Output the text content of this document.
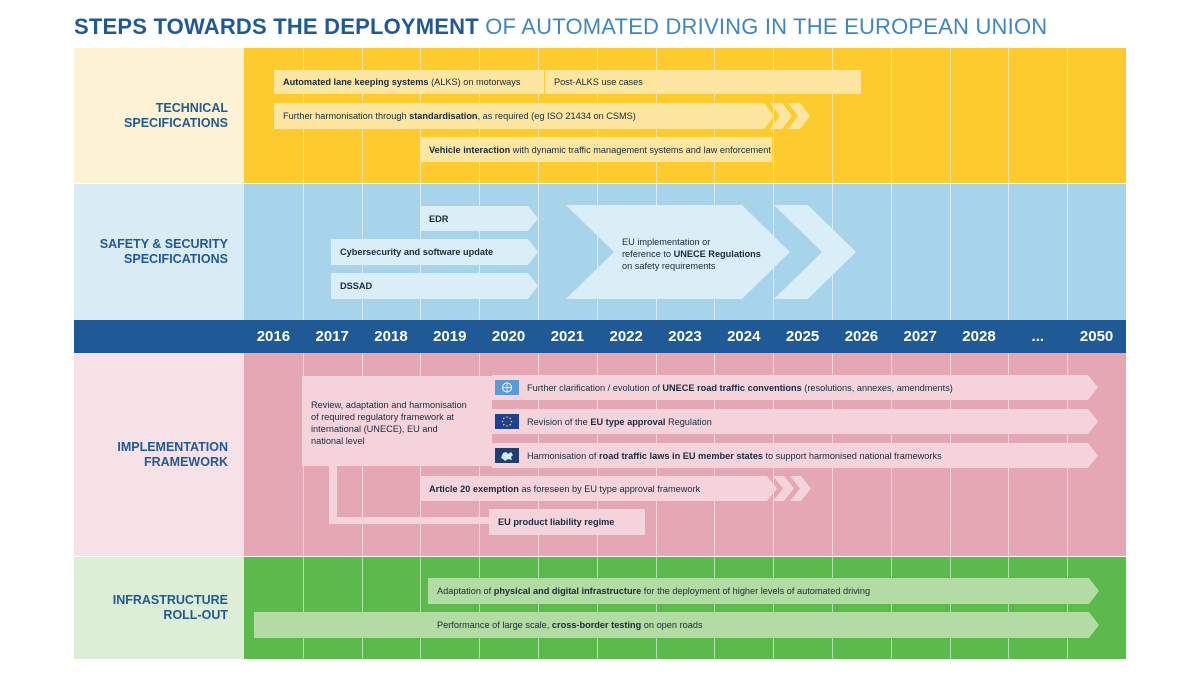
STEPS TOWARDS THE DEPLOYMENT OF AUTOMATED DRIVING IN THE EUROPEAN UNION
TECHNICAL
SPECIFICATIONS
SAFETY & SECURITY
SPECIFICATIONS
IMPLEMENTATION
FRAMEWORK
INFRASTRUCTURE
ROLL-OUT
2016	2017	2018	2019	2020	2021	2022	2023	2024	2025	2026	2027	2028	...	2050
Automated lane keeping systems (ALKS) on motorways	Post-ALKS use cases
Further harmonisation through standardisation, as required (eg ISO 21434 on CSMS)
Vehicle interaction with dynamic traffic management systems and law enforcement
EDR
Cybersecurity and software update
DSSAD
EU implementation or
reference to UNECE Regulations
on safety requirements
Review, adaptation and harmonisation
of required regulatory framework at
international (UNECE), EU and
national level
Further clarification / evolution of UNECE road traffic conventions (resolutions, annexes, amendments)
Revision of the EU type approval Regulation
Harmonisation of road traffic laws in EU member states to support harmonised national frameworks
Article 20 exemption as foreseen by EU type approval framework
EU product liability regime
Adaptation of physical and digital infrastructure for the deployment of higher levels of automated driving
Performance of large scale, cross-border testing on open roads
